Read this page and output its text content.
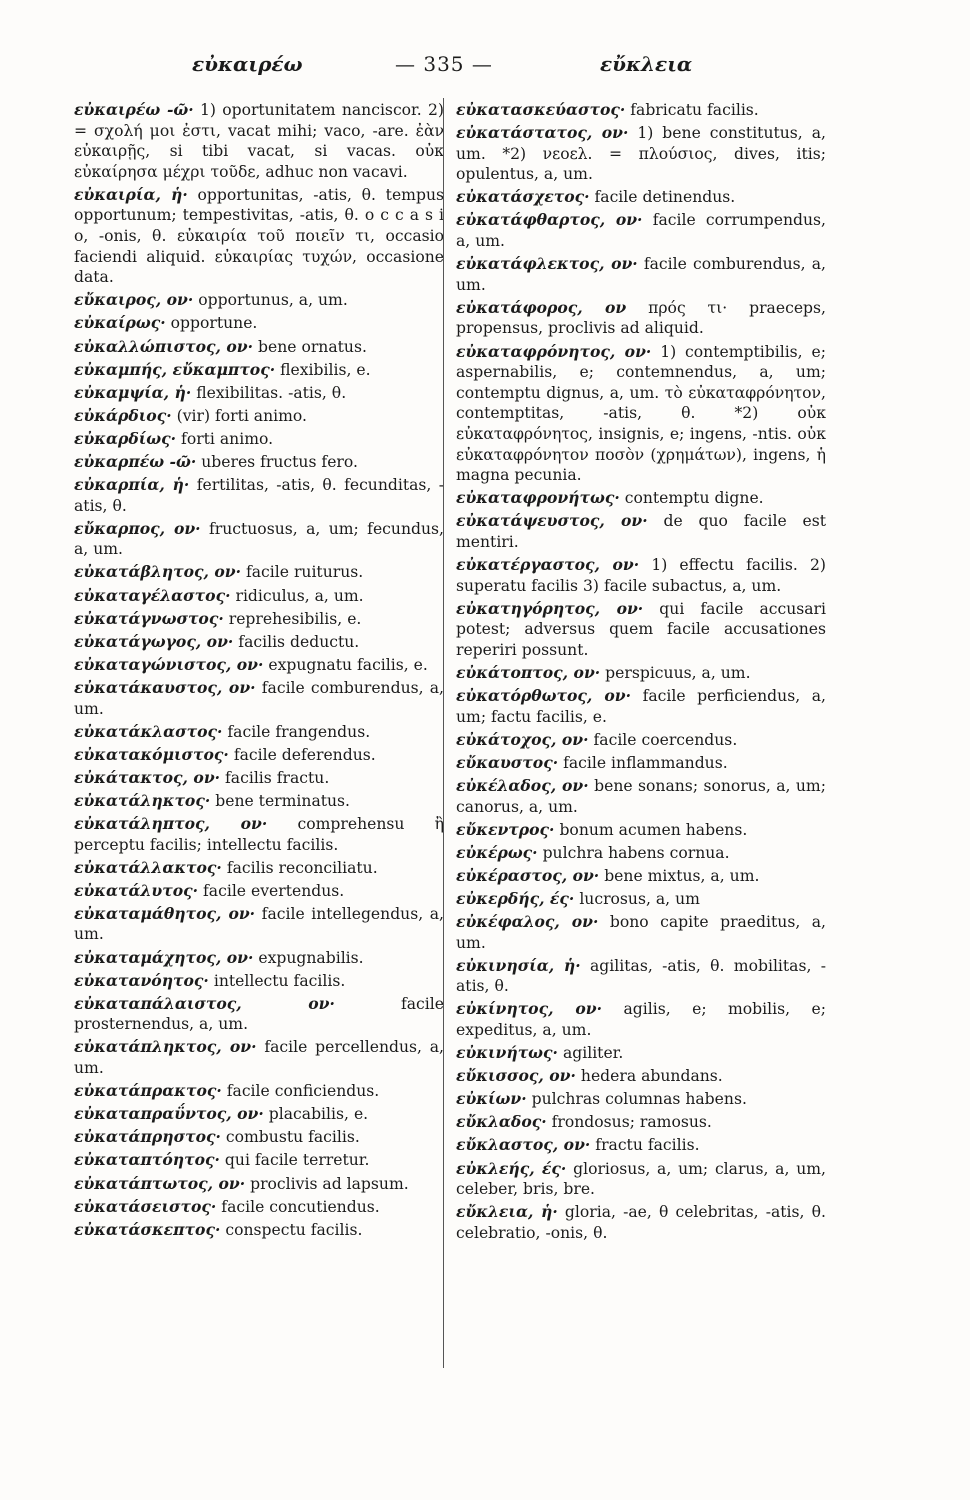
εὐκαιρέω	— 335 —	εὔκλεια

εὐκαιρέω -ῶ· 1) oportunitatem nanciscor. 2) = σχολή μοι ἐστι, vacat mihi; vaco, -are. ἐὰν εὐκαιρῇς, si tibi vacat, si vacas. οὐκ εὐκαίρησα μέχρι τοῦδε, adhuc non vacavi.

εὐκαιρία, ἡ· opportunitas, -atis, θ. tempus opportunum; tempestivitas, -atis, θ. o c c a s i o, -onis, θ. εὐκαιρία τοῦ ποιεῖν τι, occasio faciendi aliquid. εὐκαιρίας τυχών, occasione data.

εὔκαιρος, ον· opportunus, a, um.

εὐκαίρως· opportune.

εὐκαλλώπιστος, ον· bene ornatus.

εὐκαμπής, εὔκαμπτος· flexibilis, e.

εὐκαμψία, ἡ· flexibilitas. -atis, θ.

εὐκάρδιος· (vir) forti animo.

εὐκαρδίως· forti animo.

εὐκαρπέω -ῶ· uberes fructus fero.

εὐκαρπία, ἡ· fertilitas, -atis, θ. fecunditas, -atis, θ.

εὔκαρπος, ον· fructuosus, a, um; fecundus, a, um.

εὐκατάβλητος, ον· facile ruiturus.

εὐκαταγέλαστος· ridiculus, a, um.

εὐκατάγνωστος· reprehesibilis, e.

εὐκατάγωγος, ον· facilis deductu.

εὐκαταγώνιστος, ον· expugnatu facilis, e.

εὐκατάκαυστος, ον· facile comburendus, a, um.

εὐκατάκλαστος· facile frangendus.

εὐκατακόμιστος· facile deferendus.

εὐκάτακτος, ον· facilis fractu.

εὐκατάληκτος· bene terminatus.

εὐκατάληπτος, ον· comprehensu ἢ perceptu facilis; intellectu facilis.

εὐκατάλλακτος· facilis reconciliatu.

εὐκατάλυτος· facile evertendus.

εὐκαταμάθητος, ον· facile intellegendus, a, um.

εὐκαταμάχητος, ον· expugnabilis.

εὐκατανόητος· intellectu facilis.

εὐκαταπάλαιστος, ον·	facile prosternendus, a, um.

εὐκατάπληκτος, ον· facile percellendus, a, um.

εὐκατάπρακτος· facile conficiendus.

εὐκαταπραΰντος, ον· placabilis, e.

εὐκατάπρηστος· combustu facilis.

εὐκαταπτόητος· qui facile terretur.

εὐκατάπτωτος, ον· proclivis ad lapsum.

εὐκατάσειστος· facile concutiendus.

εὐκατάσκεπτος· conspectu facilis.

εὐκατασκεύαστος· fabricatu facilis.

εὐκατάστατος, ον· 1) bene constitutus, a, um. *2) νεοελ. = πλούσιος, dives, itis; opulentus, a, um.

εὐκατάσχετος· facile detinendus.

εὐκατάφθαρτος, ον· facile corrumpendus, a, um.

εὐκατάφλεκτος, ον· facile comburendus, a, um.

εὐκατάφορος, ον πρός τι· praeceps, propensus, proclivis ad aliquid.

εὐκαταφρόνητος, ον· 1) contemptibilis, e; aspernabilis, e; contemnendus, a, um; contemptu dignus, a, um. τὸ εὐκαταφρόνητον, contemptitas, -atis, θ. *2) οὐκ εὐκαταφρόνητος, insignis, e; ingens, -ntis. οὐκ εὐκαταφρόνητον ποσὸν (χρημάτων), ingens, ἡ magna pecunia.

εὐκαταφρονήτως· contemptu digne.

εὐκατάψευστος, ον· de quo facile est mentiri.

εὐκατέργαστος, ον· 1) effectu facilis. 2) superatu facilis 3) facile subactus, a, um.

εὐκατηγόρητος, ον· qui facile accusari potest; adversus quem facile accusationes reperiri possunt.

εὐκάτοπτος, ον· perspicuus, a, um.

εὐκατόρθωτος, ον· facile perficiendus, a, um; factu facilis, e.

εὐκάτοχος, ον· facile coercendus.

εὔκαυστος· facile inflammandus.

εὐκέλαδος, ον· bene sonans; sonorus, a, um; canorus, a, um.

εὔκεντρος· bonum acumen habens.

εὐκέρως· pulchra habens cornua.

εὐκέραστος, ον· bene mixtus, a, um.

εὐκερδής, ές· lucrosus, a, um

εὐκέφαλος, ον· bono capite praeditus, a, um.

εὐκινησία, ἡ· agilitas, -atis, θ. mobilitas, -atis, θ.

εὐκίνητος, ον· agilis, e; mobilis, e; expeditus, a, um.

εὐκινήτως· agiliter.

εὔκισσος, ον· hedera abundans.

εὐκίων· pulchras columnas habens.

εὔκλαδος· frondosus; ramosus.

εὔκλαστος, ον· fractu facilis.

εὐκλεής, ές· gloriosus, a, um; clarus, a, um, celeber, bris, bre.

εὔκλεια, ἡ· gloria, -ae, θ celebritas, -atis, θ. celebratio, -onis, θ.
